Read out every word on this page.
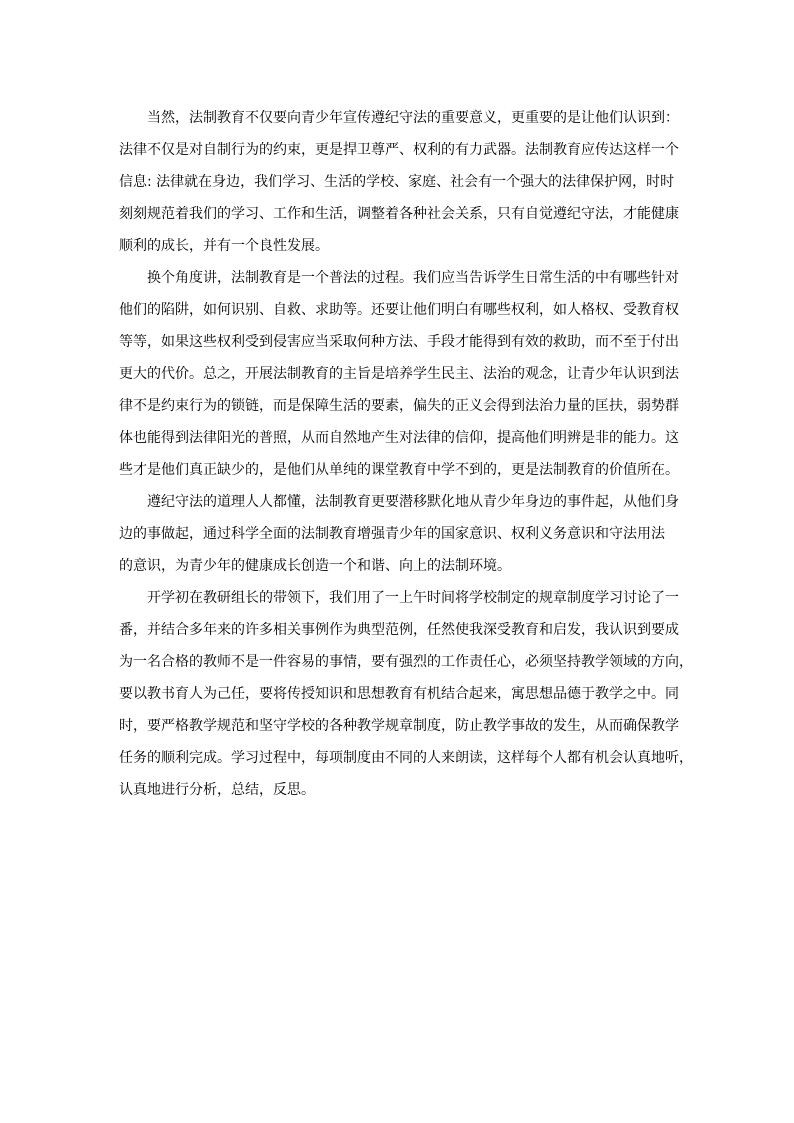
当然，法制教育不仅要向青少年宣传遵纪守法的重要意义，更重要的是让他们认识到：
法律不仅是对自制行为的约束，更是捍卫尊严、权利的有力武器。法制教育应传达这样一个
信息: 法律就在身边，我们学习、生活的学校、家庭、社会有一个强大的法律保护网，时时
刻刻规范着我们的学习、工作和生活，调整着各种社会关系，只有自觉遵纪守法，才能健康
顺利的成长，并有一个良性发展。
换个角度讲，法制教育是一个普法的过程。我们应当告诉学生日常生活的中有哪些针对
他们的陷阱，如何识别、自救、求助等。还要让他们明白有哪些权利，如人格权、受教育权
等等，如果这些权利受到侵害应当采取何种方法、手段才能得到有效的救助，而不至于付出
更大的代价。总之，开展法制教育的主旨是培养学生民主、法治的观念，让青少年认识到法
律不是约束行为的锁链，而是保障生活的要素，偏失的正义会得到法治力量的匡扶，弱势群
体也能得到法律阳光的普照，从而自然地产生对法律的信仰，提高他们明辨是非的能力。这
些才是他们真正缺少的，是他们从单纯的课堂教育中学不到的，更是法制教育的价值所在。
遵纪守法的道理人人都懂，法制教育更要潜移默化地从青少年身边的事件起，从他们身
边的事做起，通过科学全面的法制教育增强青少年的国家意识、权利义务意识和守法用法
的意识，为青少年的健康成长创造一个和谐、向上的法制环境。
开学初在教研组长的带领下，我们用了一上午时间将学校制定的规章制度学习讨论了一
番，并结合多年来的许多相关事例作为典型范例，任然使我深受教育和启发，我认识到要成
为一名合格的教师不是一件容易的事情，要有强烈的工作责任心，必须坚持教学领域的方向，
要以教书育人为己任，要将传授知识和思想教育有机结合起来，寓思想品德于教学之中。同
时，要严格教学规范和坚守学校的各种教学规章制度，防止教学事故的发生，从而确保教学
任务的顺利完成。学习过程中，每项制度由不同的人来朗读，这样每个人都有机会认真地听，
认真地进行分析，总结，反思。
